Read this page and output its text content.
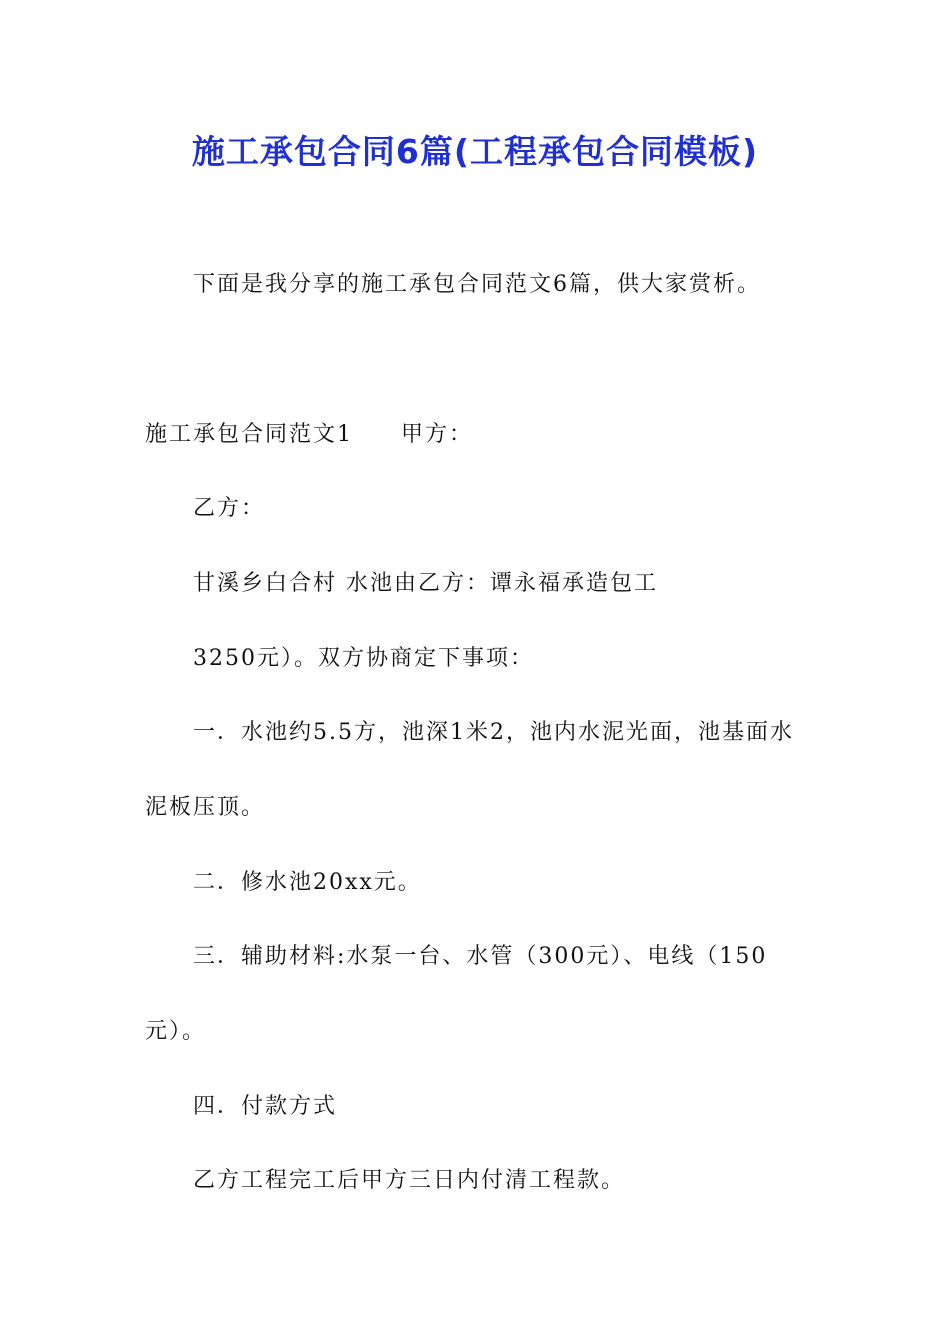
施工承包合同6篇(工程承包合同模板)
下面是我分享的施工承包合同范文6篇，供大家赏析。
施工承包合同范文1 甲方：
乙方：
甘溪乡白合村 水池由乙方：谭永福承造包工
3250元）。双方协商定下事项：
一．水池约5.5方，池深1米2，池内水泥光面，池基面水
泥板压顶。
二．修水池20xx元。
三．辅助材料:水泵一台、水管（300元）、电线（150
元）。
四．付款方式
乙方工程完工后甲方三日内付清工程款。
